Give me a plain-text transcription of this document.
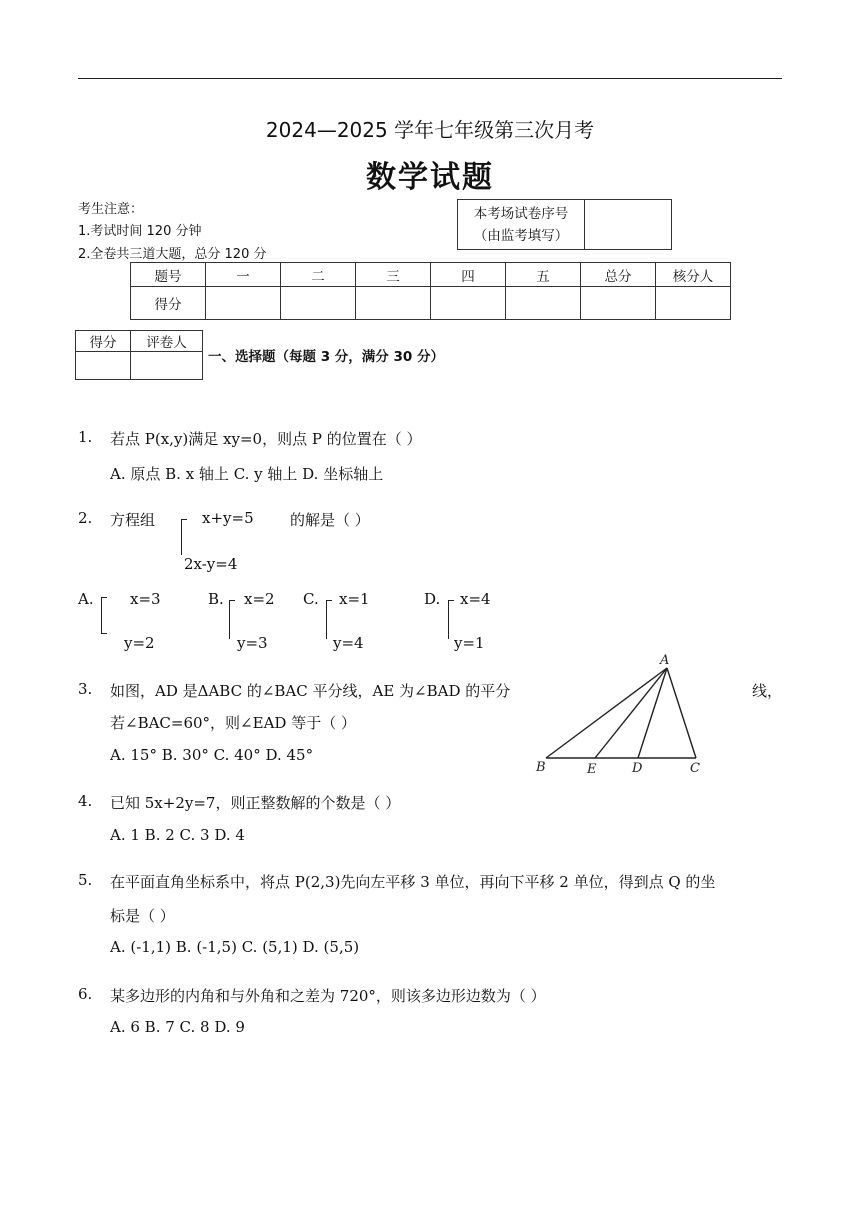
2024—2025 学年七年级第三次月考
数学试题
考生注意：
1.考试时间 120 分钟
2.全卷共三道大题，总分 120 分
本考场试卷序号
（由监考填写）

题号	一	二	三	四	五	总分	核分人
得分							
得分	评卷人

一、选择题（每题 3 分，满分 30 分）
1. 若点 P(x,y)满足 xy=0，则点 P 的位置在（ ）
A. 原点 B. x 轴上 C. y 轴上 D. 坐标轴上
2. 方程组	x+y=5
2x-y=4
的解是（ ）
A. x=3
y=2
B. x=2
y=3
C. x=1
y=4
D. x=4
y=1
3. 如图，AD 是ΔABC 的∠BAC 平分线，AE 为∠BAD 的平分	线，
若∠BAC=60°，则∠EAD 等于（ ）
A. 15° B. 30° C. 40° D. 45°
A
B	E	D	C
4. 已知 5x+2y=7，则正整数解的个数是（ ）
A. 1 B. 2 C. 3 D. 4
5. 在平面直角坐标系中，将点 P(2,3)先向左平移 3 单位，再向下平移 2 单位，得到点 Q 的坐
标是（ ）
A. (-1,1) B. (-1,5) C. (5,1) D. (5,5)
6. 某多边形的内角和与外角和之差为 720°，则该多边形边数为（ ）
A. 6 B. 7 C. 8 D. 9
